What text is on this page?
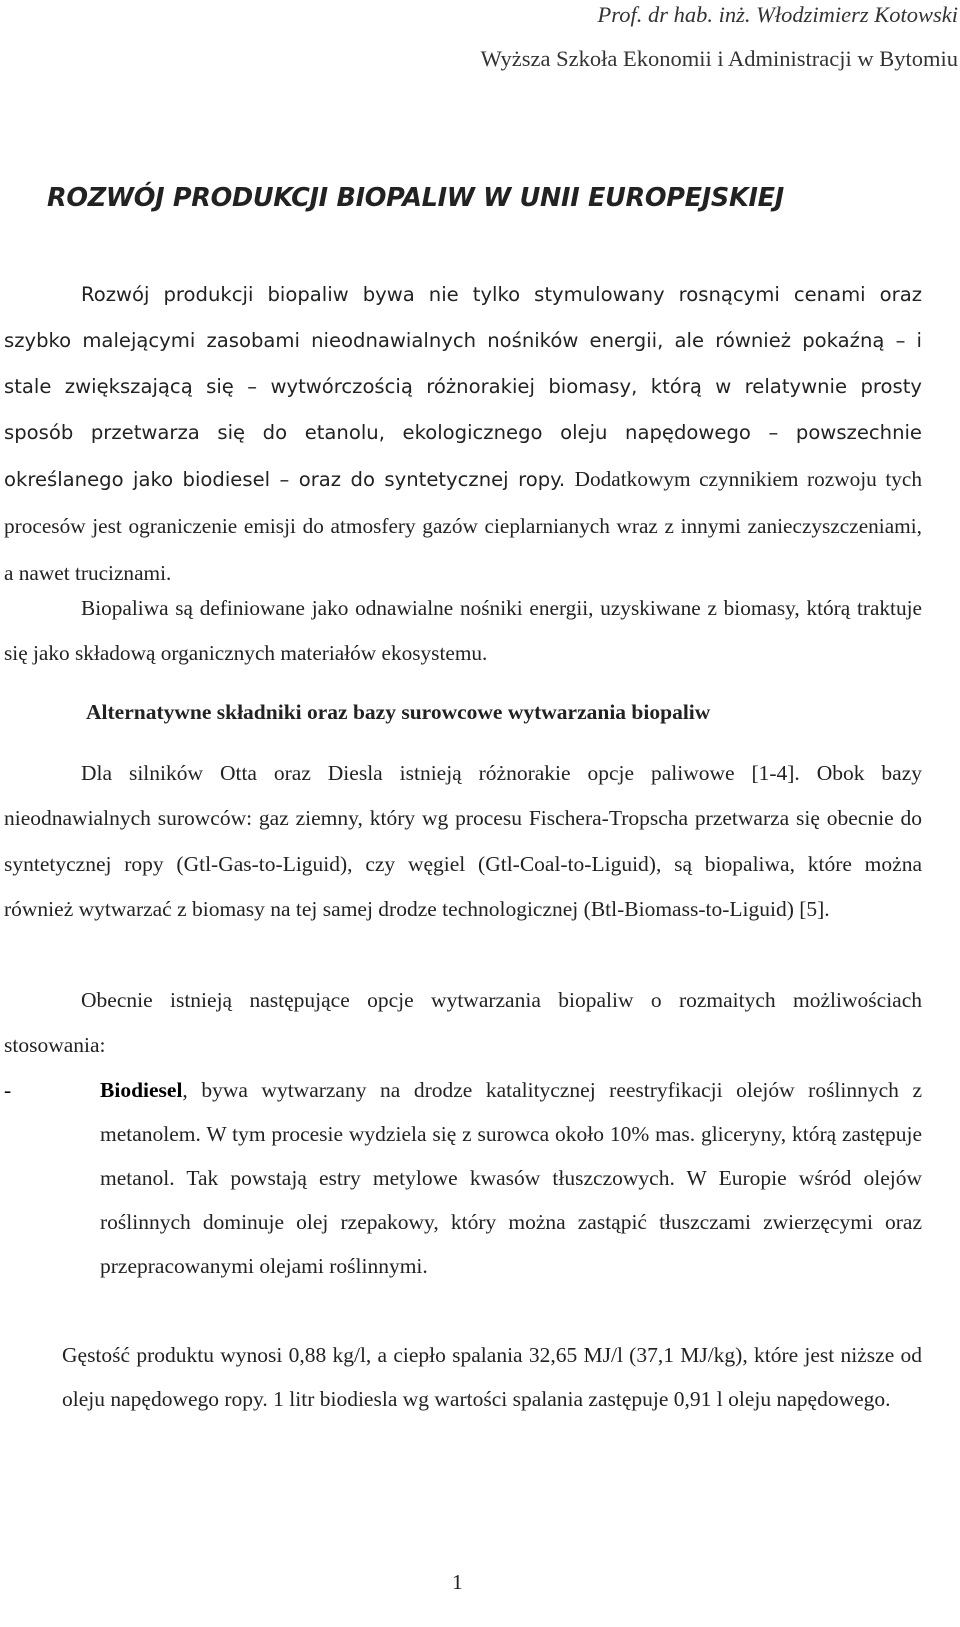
Prof. dr hab. inż. Włodzimierz Kotowski
Wyższa Szkoła Ekonomii i Administracji w Bytomiu
ROZWÓJ PRODUKCJI BIOPALIW W UNII EUROPEJSKIEJ

Rozwój produkcji biopaliw bywa nie tylko stymulowany rosnącymi cenami oraz szybko malejącymi zasobami nieodnawialnych nośników energii, ale również pokaźną – i stale zwiększającą się – wytwórczością różnorakiej biomasy, którą w relatywnie prosty sposób przetwarza się do etanolu, ekologicznego oleju napędowego – powszechnie określanego jako biodiesel – oraz do syntetycznej ropy. Dodatkowym czynnikiem rozwoju tych procesów jest ograniczenie emisji do atmosfery gazów cieplarnianych wraz z innymi zanieczyszczeniami, a nawet truciznami.

Biopaliwa są definiowane jako odnawialne nośniki energii, uzyskiwane z biomasy, którą traktuje się jako składową organicznych materiałów ekosystemu.

Alternatywne składniki oraz bazy surowcowe wytwarzania biopaliw

Dla silników Otta oraz Diesla istnieją różnorakie opcje paliwowe [1-4]. Obok bazy nieodnawialnych surowców: gaz ziemny, który wg procesu Fischera-Tropscha przetwarza się obecnie do syntetycznej ropy (Gtl-Gas-to-Liguid), czy węgiel (Gtl-Coal-to-Liguid), są biopaliwa, które można również wytwarzać z biomasy na tej samej drodze technologicznej (Btl-Biomass-to-Liguid) [5].

Obecnie istnieją następujące opcje wytwarzania biopaliw o rozmaitych możliwościach stosowania:

-	Biodiesel, bywa wytwarzany na drodze katalitycznej reestryfikacji olejów roślinnych z metanolem. W tym procesie wydziela się z surowca około 10% mas. gliceryny, którą zastępuje metanol. Tak powstają estry metylowe kwasów tłuszczowych. W Europie wśród olejów roślinnych dominuje olej rzepakowy, który można zastąpić tłuszczami zwierzęcymi oraz przepracowanymi olejami roślinnymi.

Gęstość produktu wynosi 0,88 kg/l, a ciepło spalania 32,65 MJ/l (37,1 MJ/kg), które jest niższe od oleju napędowego ropy. 1 litr biodiesla wg wartości spalania zastępuje 0,91 l oleju napędowego.

1
